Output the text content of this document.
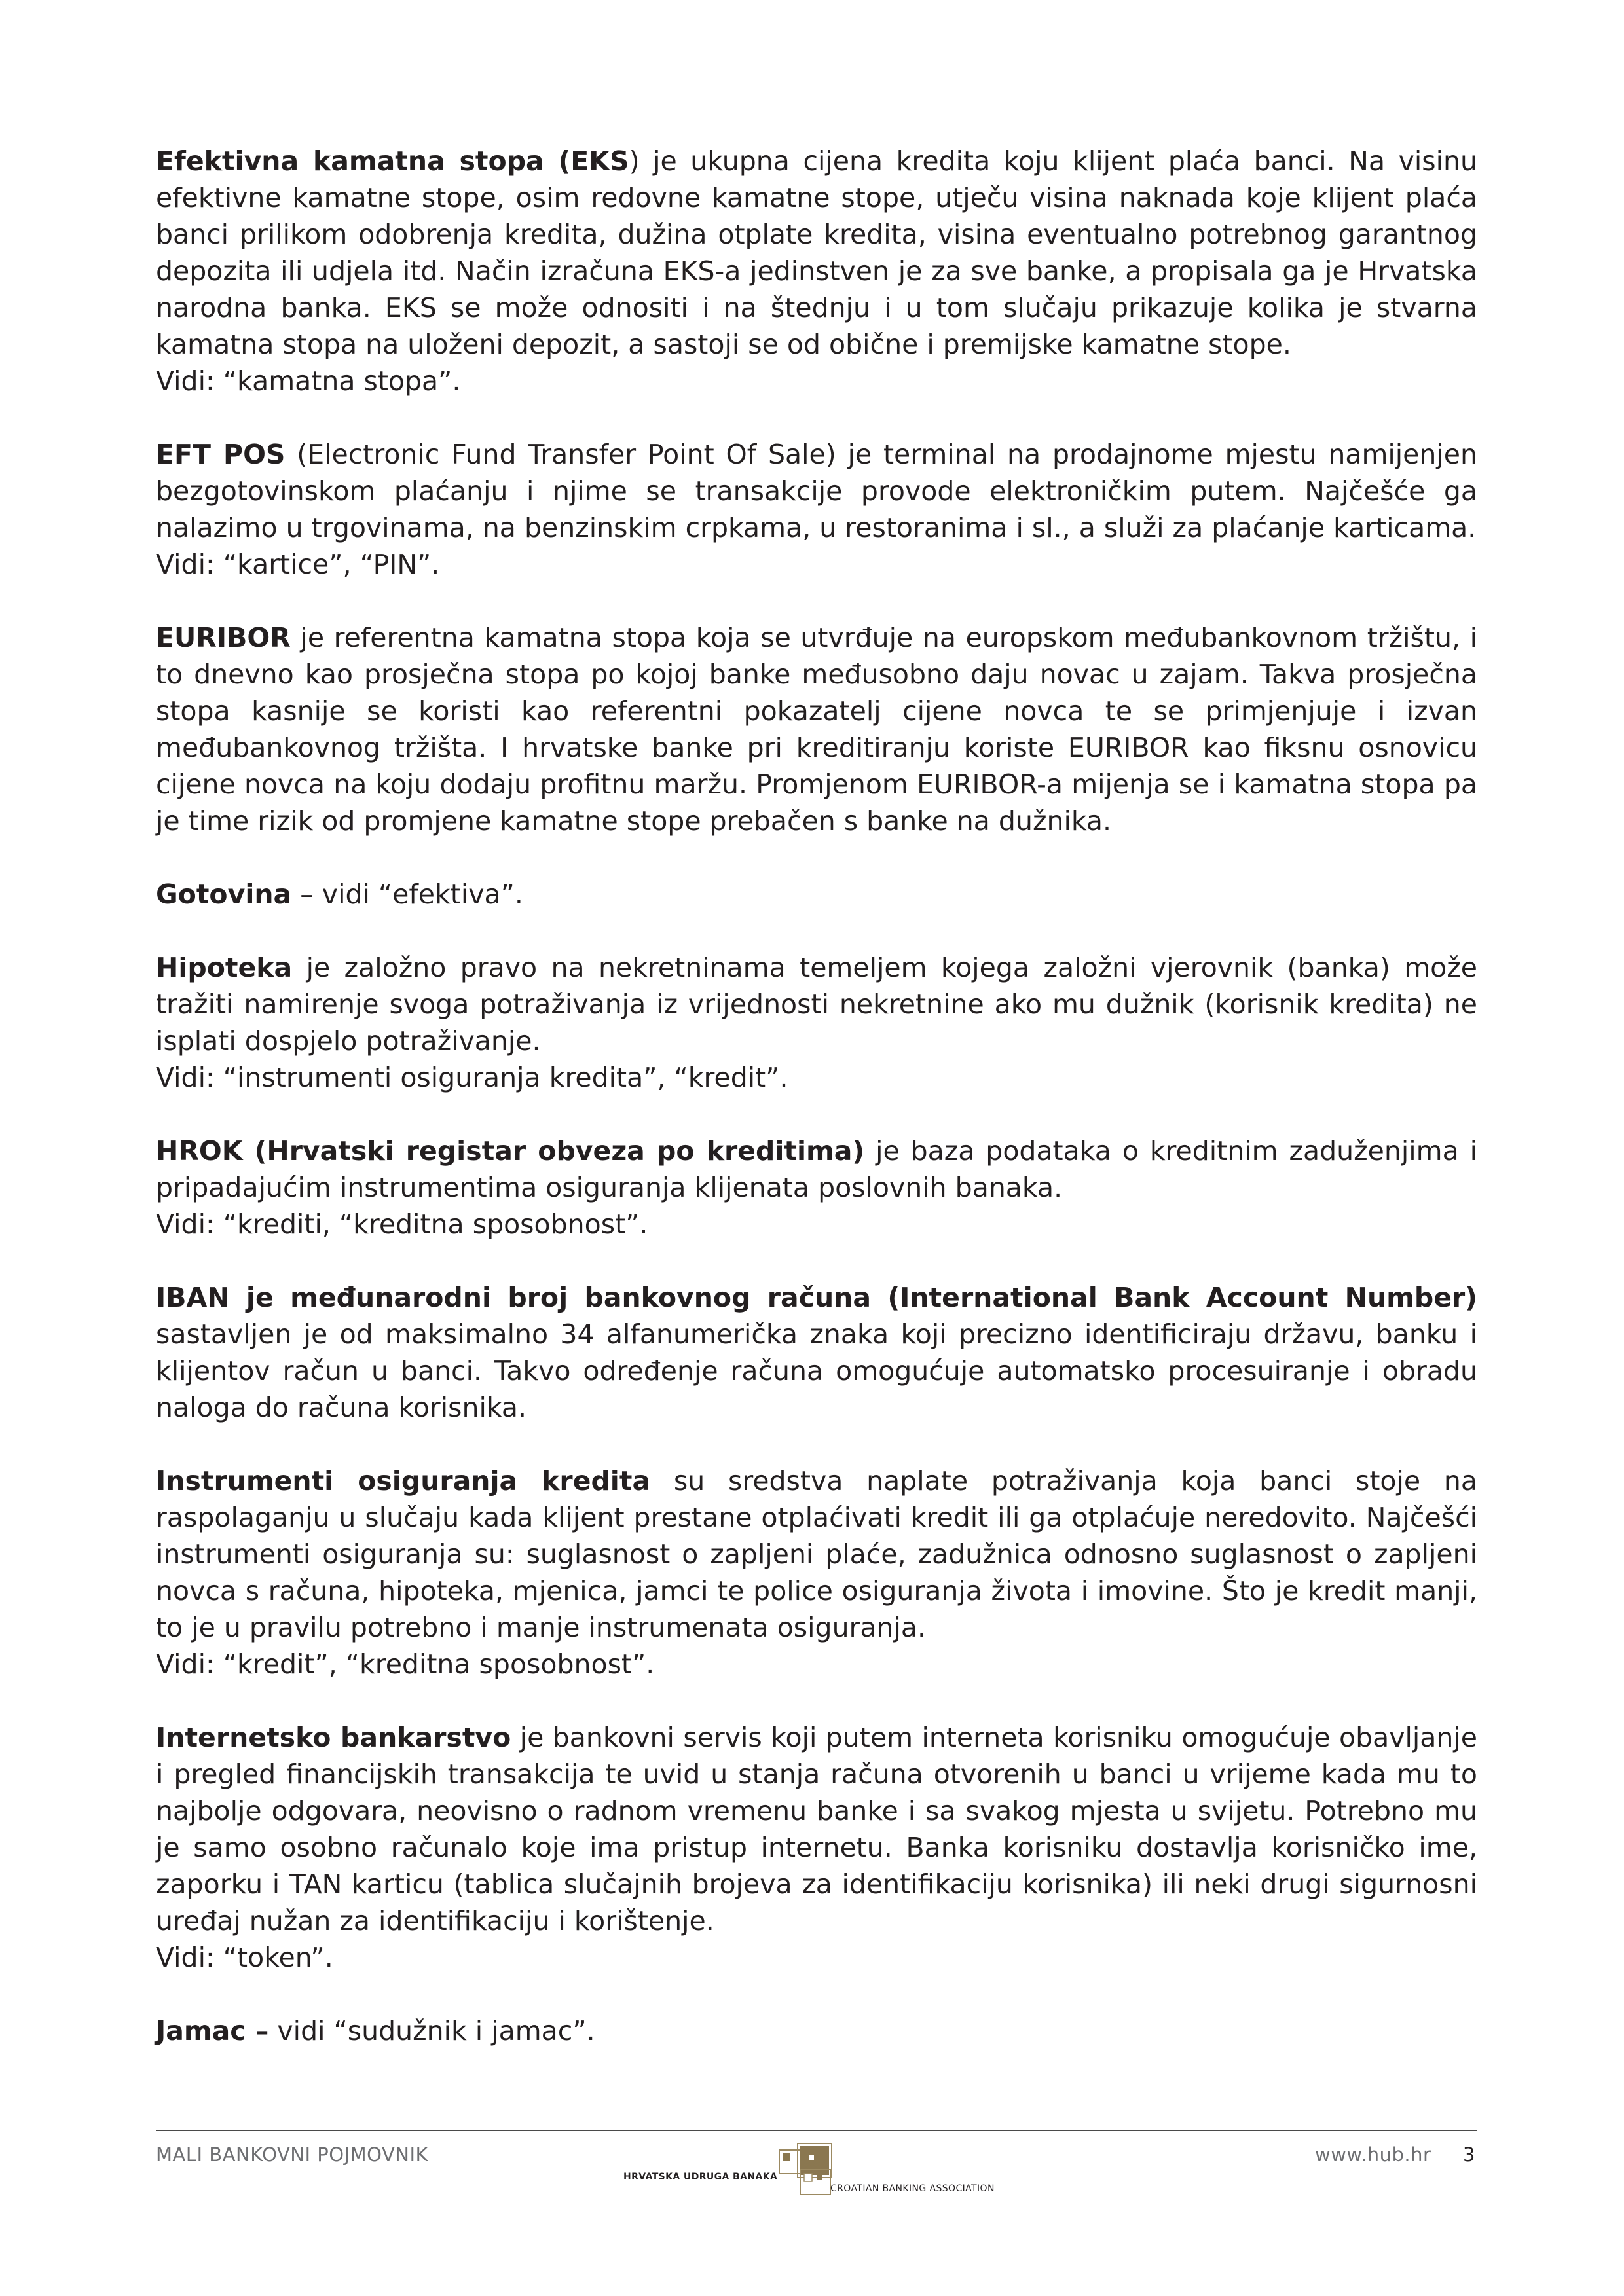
Efektivna kamatna stopa (EKS) je ukupna cijena kredita koju klijent plaća banci. Na visinu efektivne kamatne stope, osim redovne kamatne stope, utječu visina naknada koje klijent plaća banci prilikom odobrenja kredita, dužina otplate kredita, visina eventualno potrebnog garantnog depozita ili udjela itd. Način izračuna EKS-a jedinstven je za sve banke, a propisala ga je Hrvatska narodna banka. EKS se može odnositi i na štednju i u tom slučaju prikazuje kolika je stvarna kamatna stopa na uloženi depozit, a sastoji se od obične i premijske kamatne stope.

Vidi: “kamatna stopa”.

EFT POS (Electronic Fund Transfer Point Of Sale) je terminal na prodajnome mjestu namijenjen bezgotovinskom plaćanju i njime se transakcije provode elektroničkim putem. Najčešće ga nalazimo u trgovinama, na benzinskim crpkama, u restoranima i sl., a služi za plaćanje karticama.

Vidi: “kartice”, “PIN”.

EURIBOR je referentna kamatna stopa koja se utvrđuje na europskom međubankovnom tržištu, i to dnevno kao prosječna stopa po kojoj banke međusobno daju novac u zajam. Takva prosječna stopa kasnije se koristi kao referentni pokazatelj cijene novca te se primjenjuje i izvan međubankovnog tržišta. I hrvatske banke pri kreditiranju koriste EURIBOR kao fiksnu osnovicu cijene novca na koju dodaju profitnu maržu. Promjenom EURIBOR-a mijenja se i kamatna stopa pa je time rizik od promjene kamatne stope prebačen s banke na dužnika.

Gotovina – vidi “efektiva”.

Hipoteka je založno pravo na nekretninama temeljem kojega založni vjerovnik (banka) može tražiti namirenje svoga potraživanja iz vrijednosti nekretnine ako mu dužnik (korisnik kredita) ne isplati dospjelo potraživanje.

Vidi: “instrumenti osiguranja kredita”, “kredit”.

HROK (Hrvatski registar obveza po kreditima) je baza podataka o kreditnim zaduženjima i pripadajućim instrumentima osiguranja klijenata poslovnih banaka.

Vidi: “krediti, “kreditna sposobnost”.

IBAN je međunarodni broj bankovnog računa (International Bank Account Number) sastavljen je od maksimalno 34 alfanumerička znaka koji precizno identificiraju državu, banku i klijentov račun u banci. Takvo određenje računa omogućuje automatsko procesuiranje i obradu naloga do računa korisnika.

Instrumenti osiguranja kredita su sredstva naplate potraživanja koja banci stoje na raspolaganju u slučaju kada klijent prestane otplaćivati kredit ili ga otplaćuje neredovito. Najčešći instrumenti osiguranja su: suglasnost o zapljeni plaće, zadužnica odnosno suglasnost o zapljeni novca s računa, hipoteka, mjenica, jamci te police osiguranja života i imovine. Što je kredit manji, to je u pravilu potrebno i manje instrumenata osiguranja.

Vidi: “kredit”, “kreditna sposobnost”.

Internetsko bankarstvo je bankovni servis koji putem interneta korisniku omogućuje obavljanje i pregled financijskih transakcija te uvid u stanja računa otvorenih u banci u vrijeme kada mu to najbolje odgovara, neovisno o radnom vremenu banke i sa svakog mjesta u svijetu. Potrebno mu je samo osobno računalo koje ima pristup internetu. Banka korisniku dostavlja korisničko ime, zaporku i TAN karticu (tablica slučajnih brojeva za identifikaciju korisnika) ili neki drugi sigurnosni uređaj nužan za identifikaciju i korištenje.

Vidi: “token”.

Jamac – vidi “sudužnik i jamac”.

MALI BANKOVNI POJMOVNIK	www.hub.hr 3
HRVATSKA UDRUGA BANAKA
CROATIAN BANKING ASSOCIATION
